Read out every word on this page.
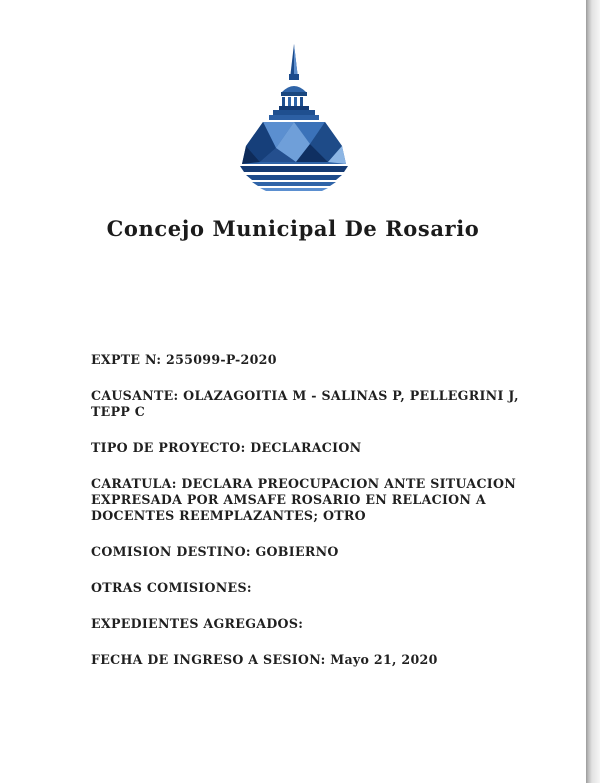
Concejo Municipal De Rosario
EXPTE N: 255099-P-2020
CAUSANTE: OLAZAGOITIA M - SALINAS P, PELLEGRINI J, TEPP C
TIPO DE PROYECTO: DECLARACION
CARATULA: DECLARA PREOCUPACION ANTE SITUACION EXPRESADA POR AMSAFE ROSARIO EN RELACION A DOCENTES REEMPLAZANTES; OTRO
COMISION DESTINO: GOBIERNO
OTRAS COMISIONES:
EXPEDIENTES AGREGADOS:
FECHA DE INGRESO A SESION: Mayo 21, 2020
